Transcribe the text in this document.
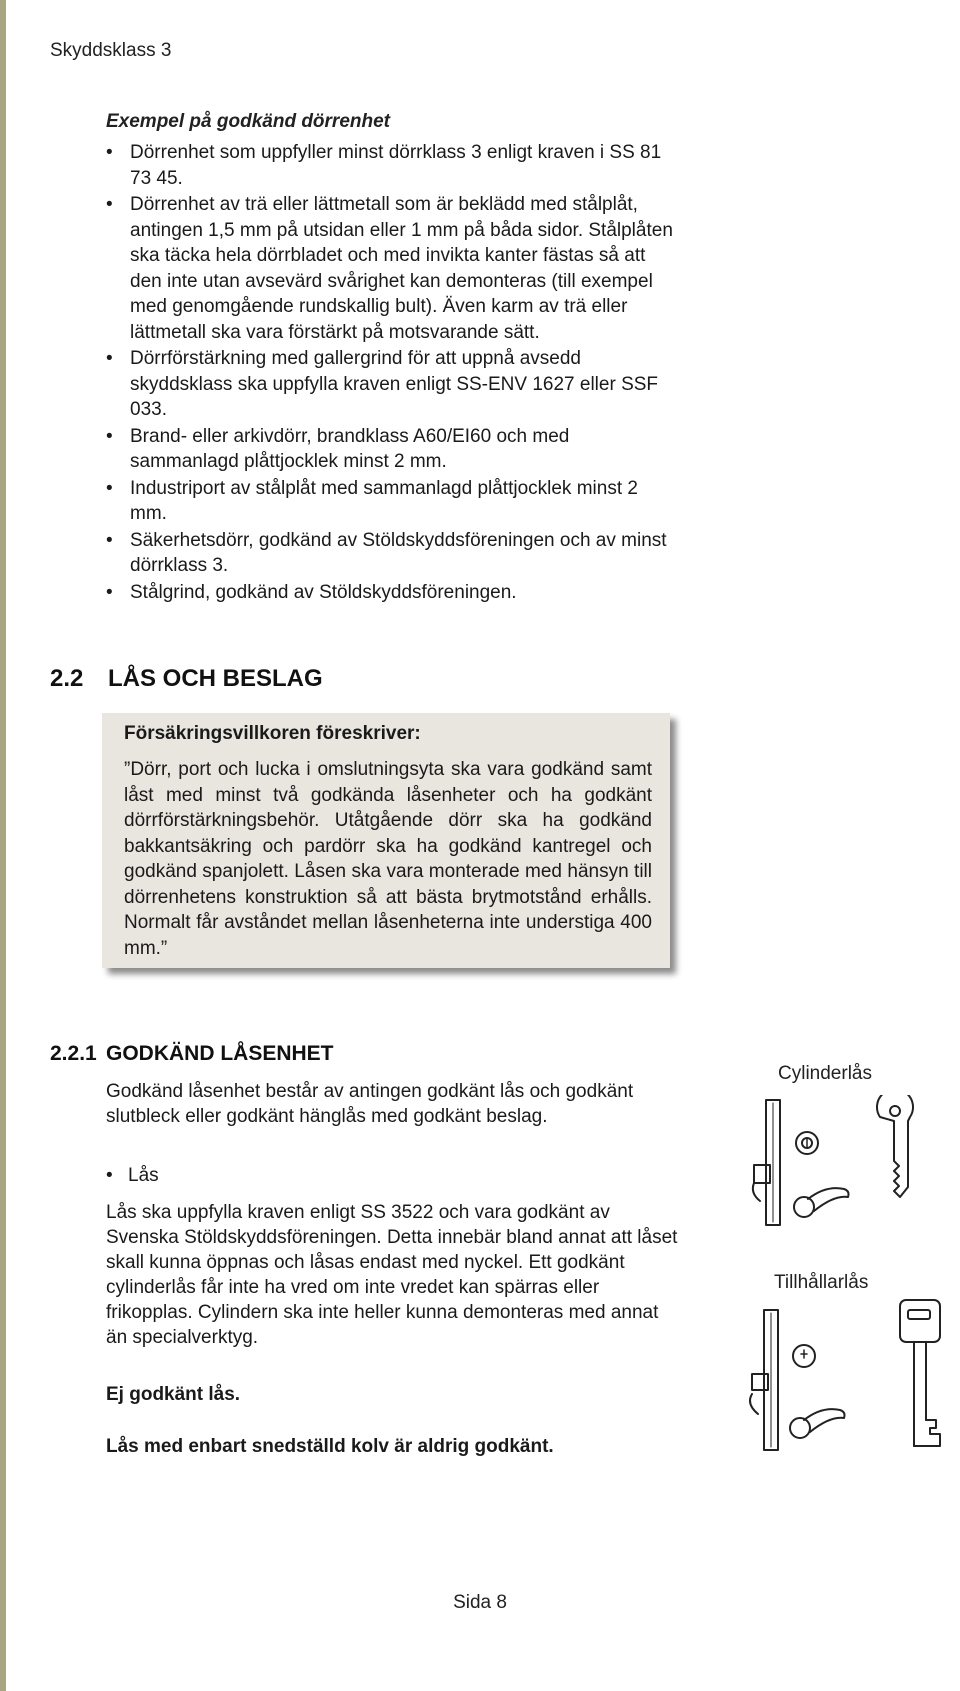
Skyddsklass 3
Exempel på godkänd dörrenhet
• Dörrenhet som uppfyller minst dörrklass 3 enligt kraven i SS 81 73 45.
• Dörrenhet av trä eller lättmetall som är beklädd med stålplåt, antingen 1,5 mm på utsidan eller 1 mm på båda sidor. Stålplåten ska täcka hela dörrbladet och med invikta kanter fästas så att den inte utan avsevärd svårighet kan demonteras (till exempel med genomgående rundskallig bult). Även karm av trä eller lättmetall ska vara förstärkt på motsvarande sätt.
• Dörrförstärkning med gallergrind för att uppnå avsedd skyddsklass ska uppfylla kraven enligt SS-ENV 1627 eller SSF 033.
• Brand- eller arkivdörr, brandklass A60/EI60 och med sammanlagd plåttjocklek minst 2 mm.
• Industriport av stålplåt med sammanlagd plåttjocklek minst 2 mm.
• Säkerhetsdörr, godkänd av Stöldskyddsföreningen och av minst dörrklass 3.
• Stålgrind, godkänd av Stöldskyddsföreningen.
2.2 LÅS OCH BESLAG
Försäkringsvillkoren föreskriver:
”Dörr, port och lucka i omslutningsyta ska vara godkänd samt låst med minst två godkända låsenheter och ha godkänt dörrförstärkningsbehör. Utåtgående dörr ska ha godkänd bakkantsäkring och pardörr ska ha godkänd kantregel och godkänd spanjolett. Låsen ska vara monterade med hänsyn till dörrenhetens konstruktion så att bästa brytmotstånd erhålls. Normalt får avståndet mellan låsenheterna inte understiga 400 mm.”
2.2.1 GODKÄND LÅSENHET

Godkänd låsenhet består av antingen godkänt lås och godkänt slutbleck eller godkänt hänglås med godkänt beslag.

• Lås

Lås ska uppfylla kraven enligt SS 3522 och vara godkänt av Svenska Stöldskyddsföreningen. Detta innebär bland annat att låset skall kunna öppnas och låsas endast med nyckel. Ett godkänt cylinderlås får inte ha vred om inte vredet kan spärras eller frikopplas. Cylindern ska inte heller kunna demonteras med annat än specialverktyg.

Ej godkänt lås.
Lås med enbart snedställd kolv är aldrig godkänt.
Cylinderlås
Tillhållarlås
Sida 8
